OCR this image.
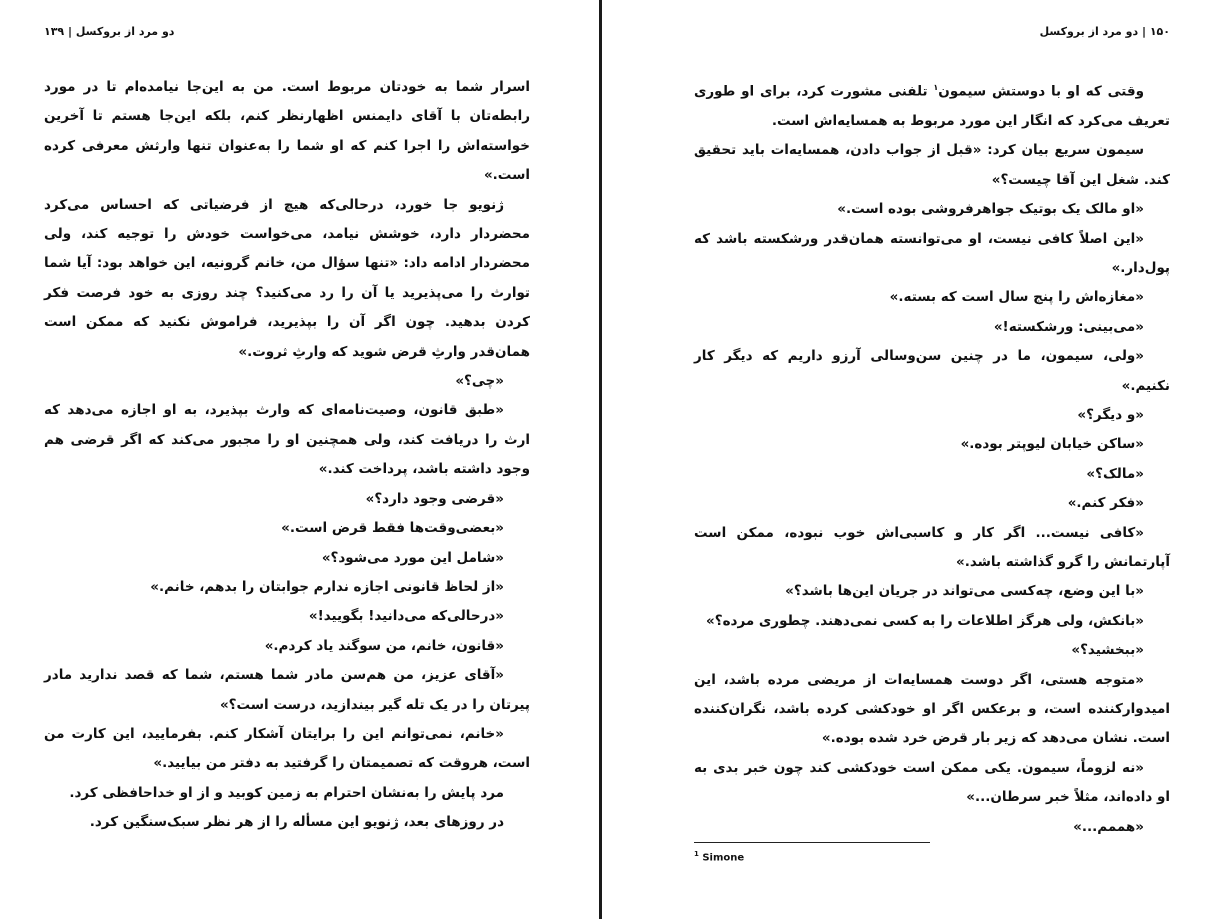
دو مرد از بروکسل | ۱۳۹

اسرار شما به خودتان مربوط است. من به این‌جا نیامده‌ام تا در مورد رابطه‌تان با آقای دایمنس اظهارنظر کنم، بلکه این‌جا هستم تا آخرین خواسته‌اش را اجرا کنم که او شما را به‌عنوان تنها وارثش معرفی کرده است.»

ژنویو جا خورد، درحالی‌که هیچ از فرضیاتی که احساس می‌کرد محضردار دارد، خوشش نیامد، می‌خواست خودش را توجیه کند، ولی محضردار ادامه داد: «تنها سؤال من، خانم گرونیه، این خواهد بود: آیا شما توارث را می‌پذیرید یا آن را رد می‌کنید؟ چند روزی به خود فرصت فکر کردن بدهید. چون اگر آن را بپذیرید، فراموش نکنید که ممکن است همان‌قدر وارثِ قرض شوید که وارثِ ثروت.»

«چی؟»

«طبق قانون، وصیت‌نامه‌ای که وارث بپذیرد، به او اجازه می‌دهد که ارث را دریافت کند، ولی همچنین او را مجبور می‌کند که اگر قرضی هم وجود داشته باشد، پرداخت کند.»

«قرضی وجود دارد؟»

«بعضی‌وقت‌ها فقط قرض است.»

«شامل این مورد می‌شود؟»

«از لحاظ قانونی اجازه ندارم جوابتان را بدهم، خانم.»

«درحالی‌که می‌دانید! بگویید!»

«قانون، خانم، من سوگند یاد کردم.»

«آقای عزیز، من هم‌سن مادر شما هستم، شما که قصد ندارید مادر پیرتان را در یک تله گیر بیندازید، درست است؟»

«خانم، نمی‌توانم این را برایتان آشکار کنم. بفرمایید، این کارت من است، هروقت که تصمیمتان را گرفتید به دفتر من بیایید.»

مرد پایش را به‌نشان احترام به زمین کوبید و از او خداحافظی کرد.

در روزهای بعد، ژنویو این مسأله را از هر نظر سبک‌سنگین کرد.

۱۵۰ | دو مرد از بروکسل

وقتی که او با دوستش سیمون$^۱$ تلفنی مشورت کرد، برای او طوری تعریف می‌کرد که انگار این مورد مربوط به همسایه‌اش است.

سیمون سریع بیان کرد: «قبل از جواب دادن، همسایه‌ات باید تحقیق کند. شغل این آقا چیست؟»

«او مالک یک بوتیک جواهرفروشی بوده است.»

«این اصلاً کافی نیست، او می‌توانسته همان‌قدر ورشکسته باشد که پول‌دار.»

«مغازه‌اش را پنج سال است که بسته.»

«می‌بینی: ورشکسته!»

«ولی، سیمون، ما در چنین سن‌وسالی آرزو داریم که دیگر کار نکنیم.»

«و دیگر؟»

«ساکن خیابان لیوپتر بوده.»

«مالک؟»

«فکر کنم.»

«کافی نیست... اگر کار و کاسبی‌اش خوب نبوده، ممکن است آپارتمانش را گرو گذاشته باشد.»

«با این وضع، چه‌کسی می‌تواند در جریان این‌ها باشد؟»

«بانکش، ولی هرگز اطلاعات را به کسی نمی‌دهند. چطوری مرده؟»

«ببخشید؟»

«متوجه هستی، اگر دوست همسایه‌ات از مریضی مرده باشد، این امیدوارکننده است، و برعکس اگر او خودکشی کرده باشد، نگران‌کننده است. نشان می‌دهد که زیر بار قرض خرد شده بوده.»

«نه لزوماً، سیمون. یکی ممکن است خودکشی کند چون خبر بدی به او داده‌اند، مثلاً خبر سرطان...»

«هممم...»

$^1$ Simone
